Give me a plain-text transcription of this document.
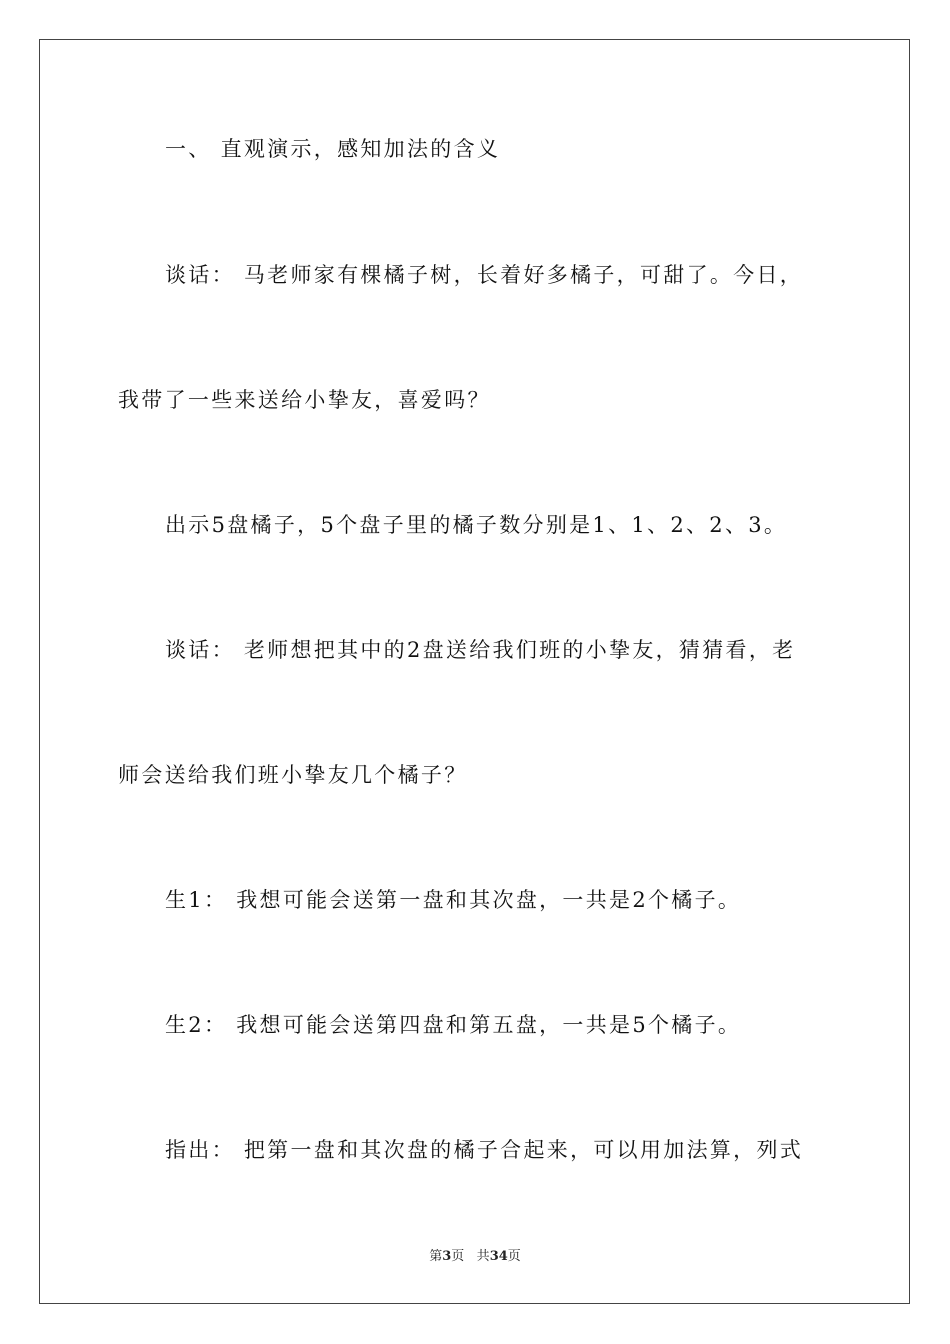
一、 直观演示，感知加法的含义
谈话： 马老师家有棵橘子树，长着好多橘子，可甜了。今日，
我带了一些来送给小挚友，喜爱吗？
出示5盘橘子，5个盘子里的橘子数分别是1、1、2、2、3。
谈话： 老师想把其中的2盘送给我们班的小挚友，猜猜看，老
师会送给我们班小挚友几个橘子？
生1： 我想可能会送第一盘和其次盘，一共是2个橘子。
生2： 我想可能会送第四盘和第五盘，一共是5个橘子。
指出： 把第一盘和其次盘的橘子合起来，可以用加法算，列式
第3页 共34页
